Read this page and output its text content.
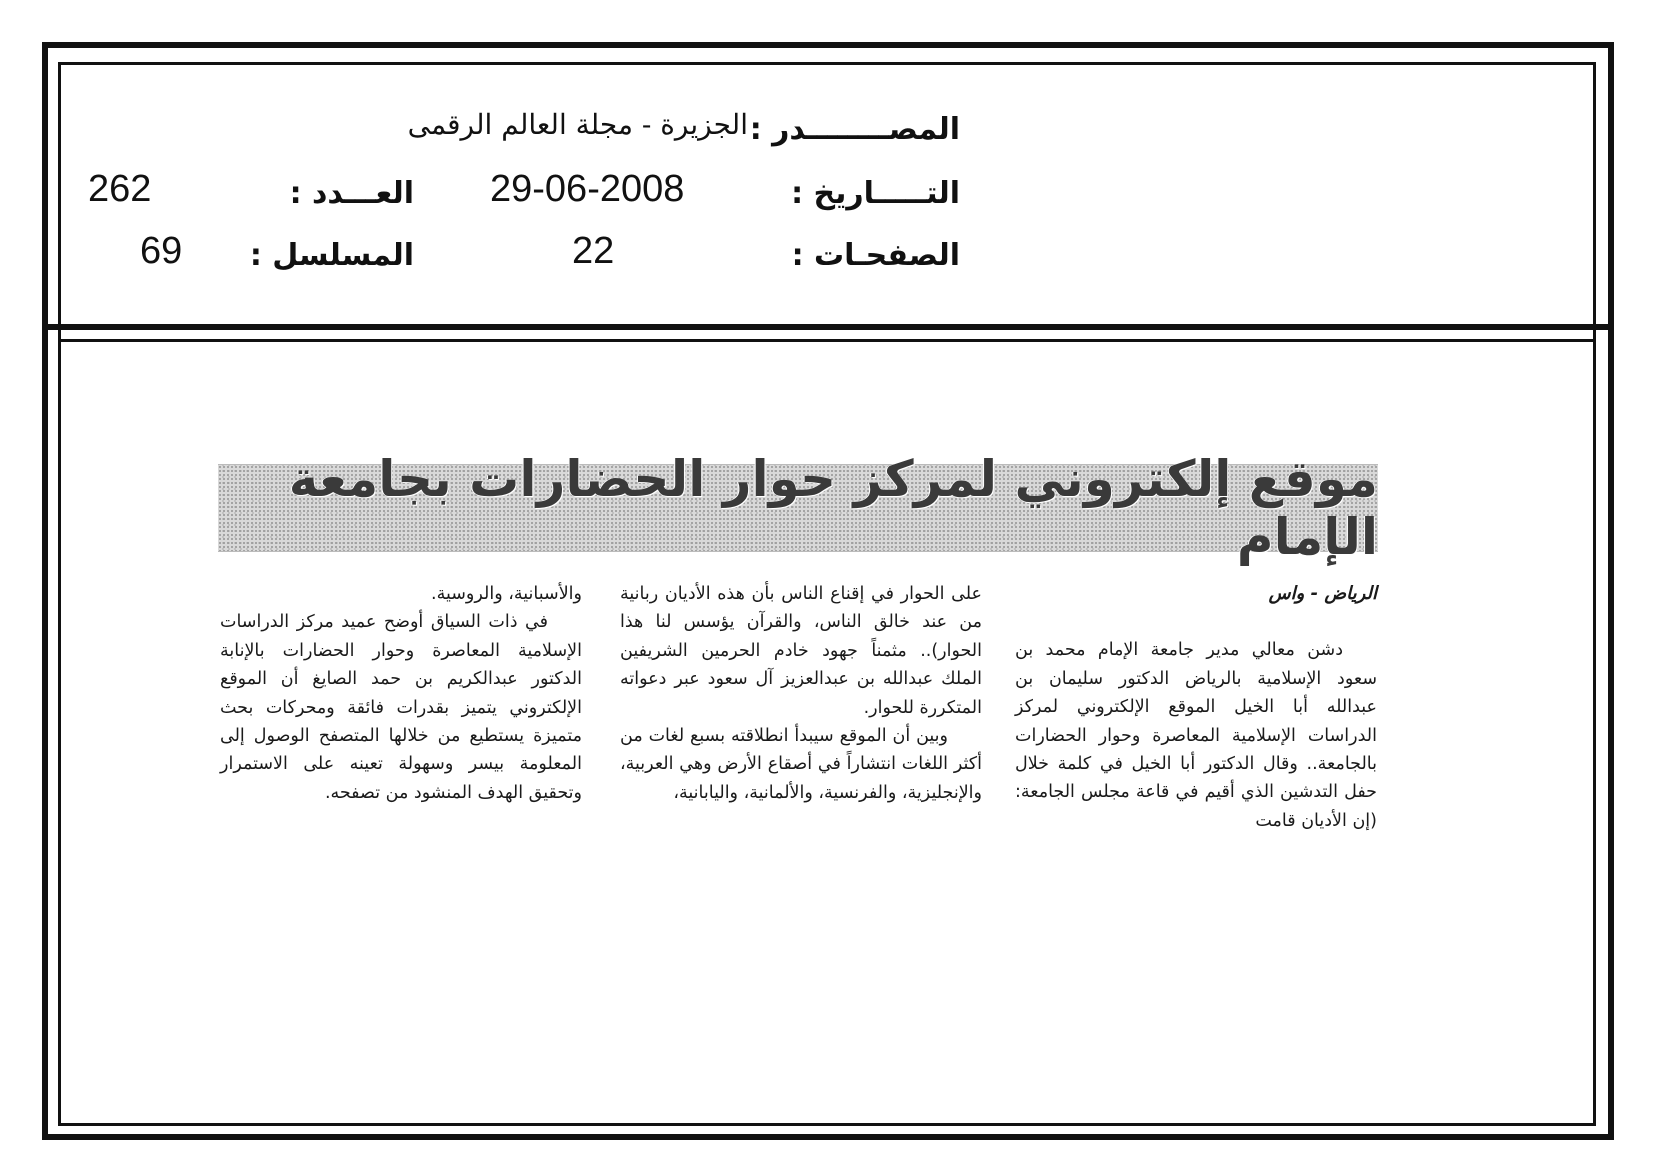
المصــــــــدر :
الجزيرة - مجلة العالم الرقمى
التـــــاريخ :
29-06-2008
العـــدد :
262
الصفحـات :
22
المسلسل :
69
موقع إلكتروني لمركز حوار الحضارات بجامعة الإمام

الرياض - واس

دشن معالي مدير جامعة الإمام محمد بن سعود الإسلامية بالرياض الدكتور سليمان بن عبدالله أبا الخيل الموقع الإلكتروني لمركز الدراسات الإسلامية المعاصرة وحوار الحضارات بالجامعة.. وقال الدكتور أبا الخيل في كلمة خلال حفل التدشين الذي أقيم في قاعة مجلس الجامعة: (إن الأديان قامت

على الحوار في إقناع الناس بأن هذه الأديان ربانية من عند خالق الناس، والقرآن يؤسس لنا هذا الحوار).. مثمناً جهود خادم الحرمين الشريفين الملك عبدالله بن عبدالعزيز آل سعود عبر دعواته المتكررة للحوار.

وبين أن الموقع سيبدأ انطلاقته بسبع لغات من أكثر اللغات انتشاراً في أصقاع الأرض وهي العربية، والإنجليزية، والفرنسية، والألمانية، واليابانية،

والأسبانية، والروسية.

في ذات السياق أوضح عميد مركز الدراسات الإسلامية المعاصرة وحوار الحضارات بالإنابة الدكتور عبدالكريم بن حمد الصايغ أن الموقع الإلكتروني يتميز بقدرات فائقة ومحركات بحث متميزة يستطيع من خلالها المتصفح الوصول إلى المعلومة بيسر وسهولة تعينه على الاستمرار وتحقيق الهدف المنشود من تصفحه.
